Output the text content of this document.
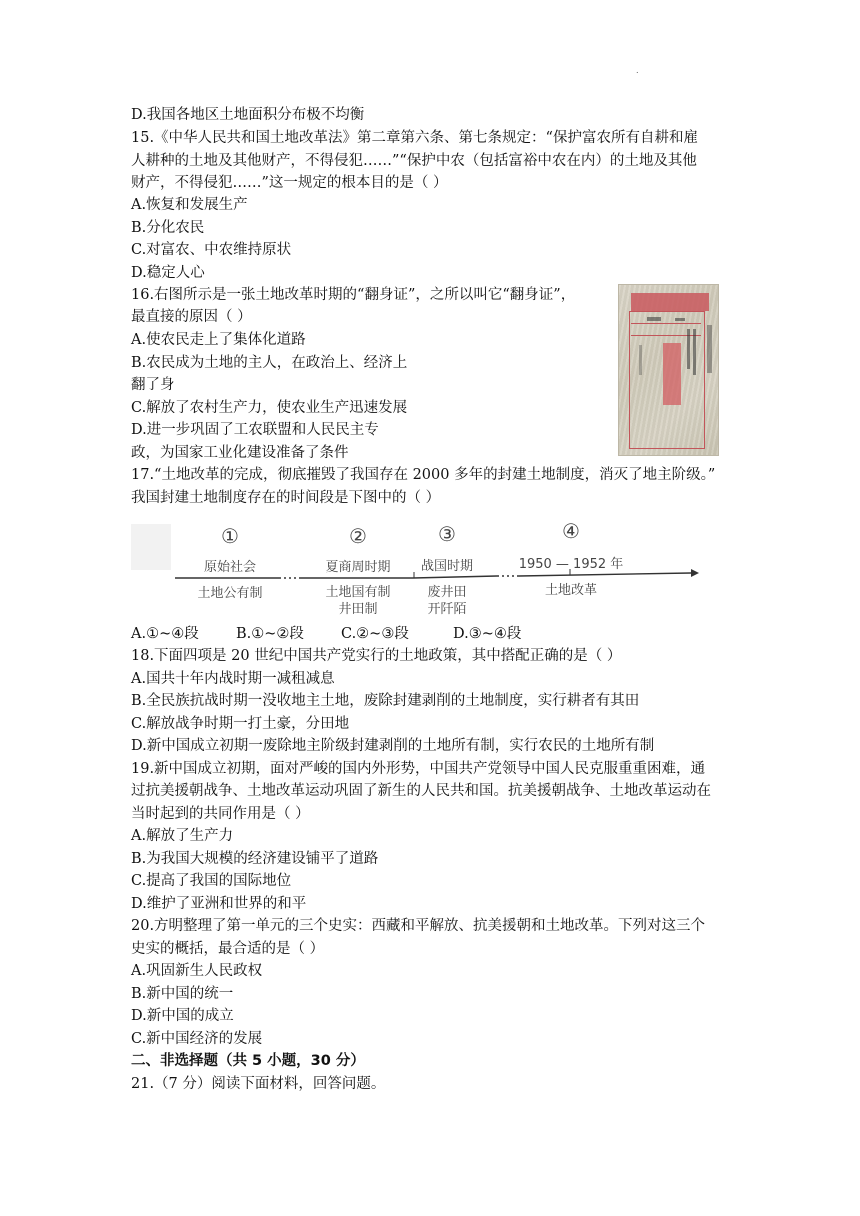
.
D.我国各地区土地面积分布极不均衡
15.《中华人民共和国土地改革法》第二章第六条、第七条规定：“保护富农所有自耕和雇
人耕种的土地及其他财产，不得侵犯……”“保护中农（包括富裕中农在内）的土地及其他
财产，不得侵犯……”这一规定的根本目的是（ ）
A.恢复和发展生产
B.分化农民
C.对富农、中农维持原状
D.稳定人心
16.右图所示是一张土地改革时期的“翻身证”，之所以叫它“翻身证”，
最直接的原因（ ）
A.使农民走上了集体化道路
B.农民成为土地的主人，在政治上、经济上
翻了身
C.解放了农村生产力，使农业生产迅速发展
D.进一步巩固了工农联盟和人民民主专
政，为国家工业化建设准备了条件
17.“土地改革的完成，彻底摧毁了我国存在 2000 多年的封建土地制度，消灭了地主阶级。”
我国封建土地制度存在的时间段是下图中的（ ）
①	②	③	④
原始社会	夏商周时期 战国时期	1950 — 1952 年
土地公有制	土地国有制
井田制
废井田
开阡陌
土地改革
A.①~④段	B.①~②段	C.②~③段	D.③~④段
18.下面四项是 20 世纪中国共产党实行的土地政策，其中搭配正确的是（ ）
A.国共十年内战时期一减租减息
B.全民族抗战时期一没收地主土地，废除封建剥削的土地制度，实行耕者有其田
C.解放战争时期一打土豪，分田地
D.新中国成立初期一废除地主阶级封建剥削的土地所有制，实行农民的土地所有制
19.新中国成立初期，面对严峻的国内外形势，中国共产党领导中国人民克服重重困难，通
过抗美援朝战争、土地改革运动巩固了新生的人民共和国。抗美援朝战争、土地改革运动在
当时起到的共同作用是（ ）
A.解放了生产力
B.为我国大规模的经济建设铺平了道路
C.提高了我国的国际地位
D.维护了亚洲和世界的和平
20.方明整理了第一单元的三个史实：西藏和平解放、抗美援朝和土地改革。下列对这三个
史实的概括，最合适的是（ ）
A.巩固新生人民政权
B.新中国的统一
D.新中国的成立
C.新中国经济的发展
二、非选择题（共 5 小题，30 分）
21.（7 分）阅读下面材料，回答问题。
